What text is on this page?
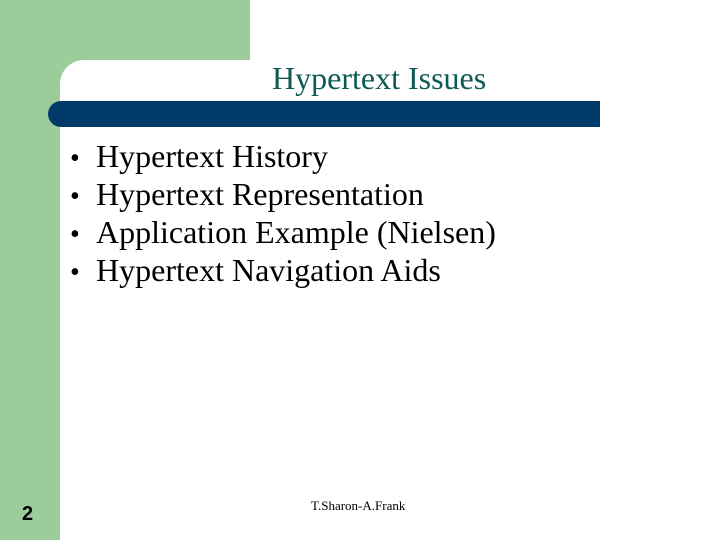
Hypertext Issues
• Hypertext History
• Hypertext Representation
• Application Example (Nielsen)
• Hypertext Navigation Aids
2	T.Sharon-A.Frank
